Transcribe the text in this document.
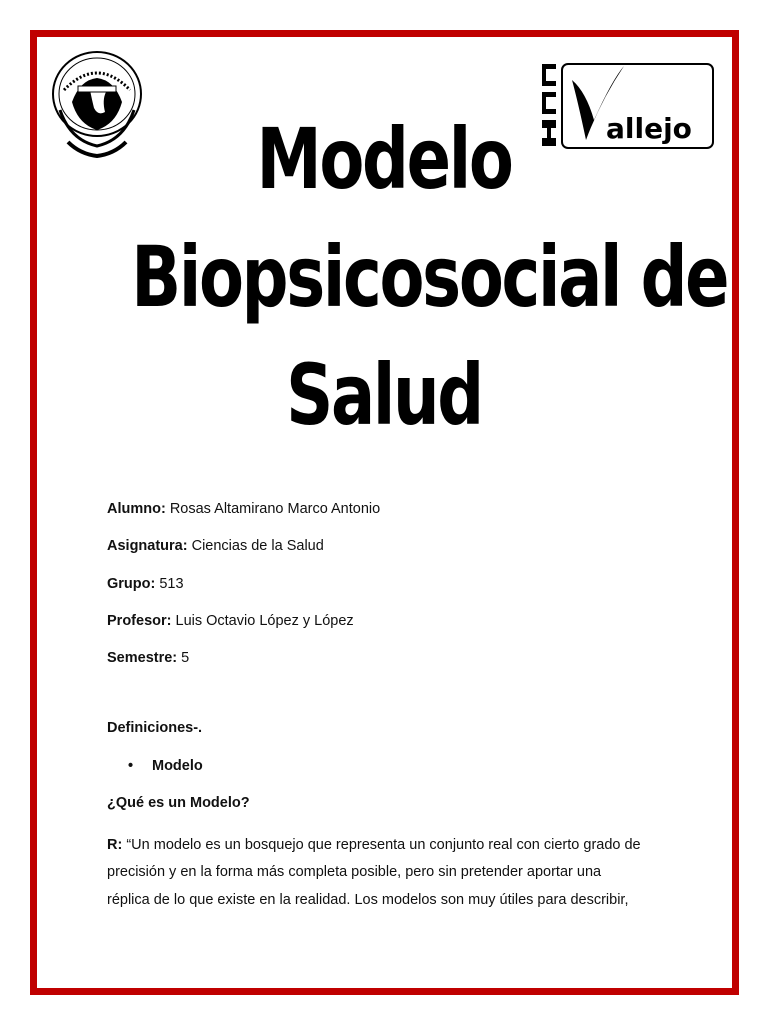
allejo
Modelo
Biopsicosocial de
Salud
Alumno: Rosas Altamirano Marco Antonio
Asignatura: Ciencias de la Salud
Grupo: 513
Profesor: Luis Octavio López y López
Semestre: 5
Definiciones-.
• Modelo
¿Qué es un Modelo?
R: “Un modelo es un bosquejo que representa un conjunto real con cierto grado de
precisión y en la forma más completa posible, pero sin pretender aportar una
réplica de lo que existe en la realidad. Los modelos son muy útiles para describir,
